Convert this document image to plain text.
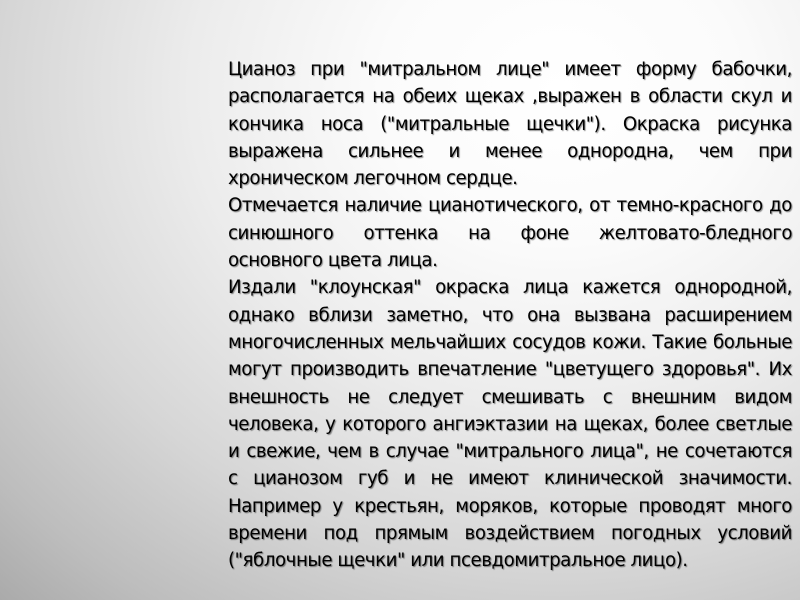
Цианоз при "митральном лице" имеет форму бабочки, располагается на обеих щеках ,выражен в области скул и кончика носа ("митральные щечки"). Окраска рисунка выражена сильнее и менее однородна, чем при хроническом легочном сердце.

Отмечается наличие цианотического, от темно-красного до синюшного оттенка на фоне желтовато-бледного основного цвета лица.

Издали "клоунская" окраска лица кажется однородной, однако вблизи заметно, что она вызвана расширением многочисленных мельчайших сосудов кожи. Такие больные могут производить впечатление "цветущего здоровья". Их внешность не следует смешивать с внешним видом человека, у которого ангиэктазии на щеках, более светлые и свежие, чем в случае "митрального лица", не сочетаются с цианозом губ и не имеют клинической значимости. Например у крестьян, моряков, которые проводят много времени под прямым воздействием погодных условий ("яблочные щечки" или псевдомитральное лицо).
